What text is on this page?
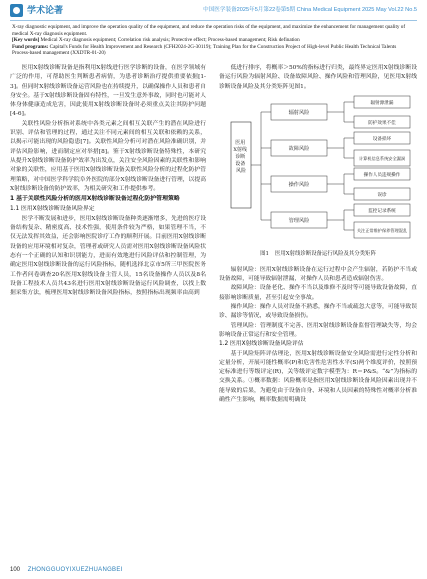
学术论著	中国医学装备2025年5月第22卷第5期 China Medical Equipment 2025 May Vol.22 No.5

X-ray diagnostic equipment, and improve the operation quality of the equipment, and reduce the operation risks of the equipment, and maximize the enhancement for management quality of medical X-ray diagnosis equipment.

[Key words] Medical X-ray diagnosis equipment; Correlation risk analysis; Protective effect; Process-based management; Risk defination

Fund programs: Capital's Funds for Health Improvement and Research (CFH2024-2G-30119); Training Plan for the Construction Project of High-level Public Health Technical Talents Process-based management (XXDTR-01-20)

医用X射线诊断设备是指利用X射线进行医学诊断的设备，在医学领域有广泛的作用，可帮助医生判断患者病情，为患者诊断治疗提供重要依据[1-3]。但同时X射线诊断设备运营风险也在持续提升，以确保操作人员和患者自身安全。基于X射线诊断设备固有特性，一旦发生意外事故，同时也可能对人体身体健康造成危害，因此使用X射线诊断设备时必须重点关注其防护问题[4-6]。

关联性风险分析指对系统中各类元素之间相互关联产生的潜在风险进行识别、评估和管理的过程，通过关注不同元素间的相互关联和依赖的关系，以揭示可能出现的风险隐患[7]。关联性风险分析可对潜在风险准确识别，并评估风险影响，进而制定应对举措[8]。鉴于X射线诊断设备特殊性，本研究从提升X射线诊断设备防护效率为出发点，关注安全风险因素的关联性和影响对象的关联性，应用基于医用X射线诊断设备关联性风险分析的过程化防护管理策略，对中国医学科学院阜外医院的部分X射线诊断设备进行管理，以提高X射线诊断设备的防护效率，为相关研究和工作提供参考。

1 基于关联性风险分析的医用X射线诊断设备过程化防护管理策略
1.1 医用X射线诊断设备风险界定

医学不断发展和进步，医用X射线诊断设备种类逐渐增多，先进的医疗设备结构复杂、精密度高、技术性强，使用条件较为严格，如果管理不当，不仅无法发挥其效益，还会影响医院诊疗工作的顺利开展。目前医用X射线诊断设备的应用环境相对复杂，管理者或研究人员需对医用X射线诊断设备风险状态有一个正确的认知和识别能力，进而有效地进行风险评估和控制管理，为确定医用X射线诊断设备的运行风险指标，随机选择北京市5所三甲医院医务工作者问卷调查20名医用X射线设备主管人员，15名设备操作人员以及8名设备工程技术人员共43名进行医用X射线诊断设备运行风险调查，以找上数据采集方法，梳理医用X射线诊断设备风险指标，按照指标出现频率由高到

低进行排序，将概率＞50%的指标进行归类，最终界定医用X射线诊断设备运行风险为辐射风险、设备故障风险、操作风险和管理风险，见医用X射线诊断设备风险及其分类矩阵见图1。

医用 X射线 诊断 设备 风险
辐射风险
故障风险
操作风险
管理风险
辐射源泄漏
防护效果不佳
设备损坏
计算机信息系统安全漏洞
操作人员违规操作
误诊
监控记录系统
关注正常维护保养管理混乱
图1 医用X射线诊断设备运行风险及其分类矩阵

辐射风险：医用X射线诊断设备在运行过程中会产生辐射，若防护不当或设备故障，可能导致辐射泄漏，对操作人员和患者造成辐射伤害。

故障风险：设备老化、操作不当以及维修不及时等可能导致设备故障，直接影响诊断质量，甚至引起安全事故。

操作风险：操作人员对设备不熟悉，操作不当或疏忽大意等，可能导致误诊、漏诊等情况，或导致设备损伤。

管理风险：管理制度不完善、医用X射线诊断设备监督管理缺失等，均会影响设备正常运行和安全管理。

1.2 医用X射线诊断设备风险评估

基于风险矩阵评估理论，医用X射线诊断设备安全风险需进行定性分析和定量分析，开展可能性概率(P)和危害性危害性水平(S)两个维度评价，按照预定标准进行等级评定(R)，关等级评定数字模型为：R＝P&S。“&”为指标的交换关系。①概率数据：风险概率是指医用X射线诊断设备风险因素出现并不能导致的后果，为避免由于设备自身、环境和人员因素的特殊性对概率分析准确性产生影响，概率数据需明确设

100 ZHONGGUOYIXUEZHUANGBEI
